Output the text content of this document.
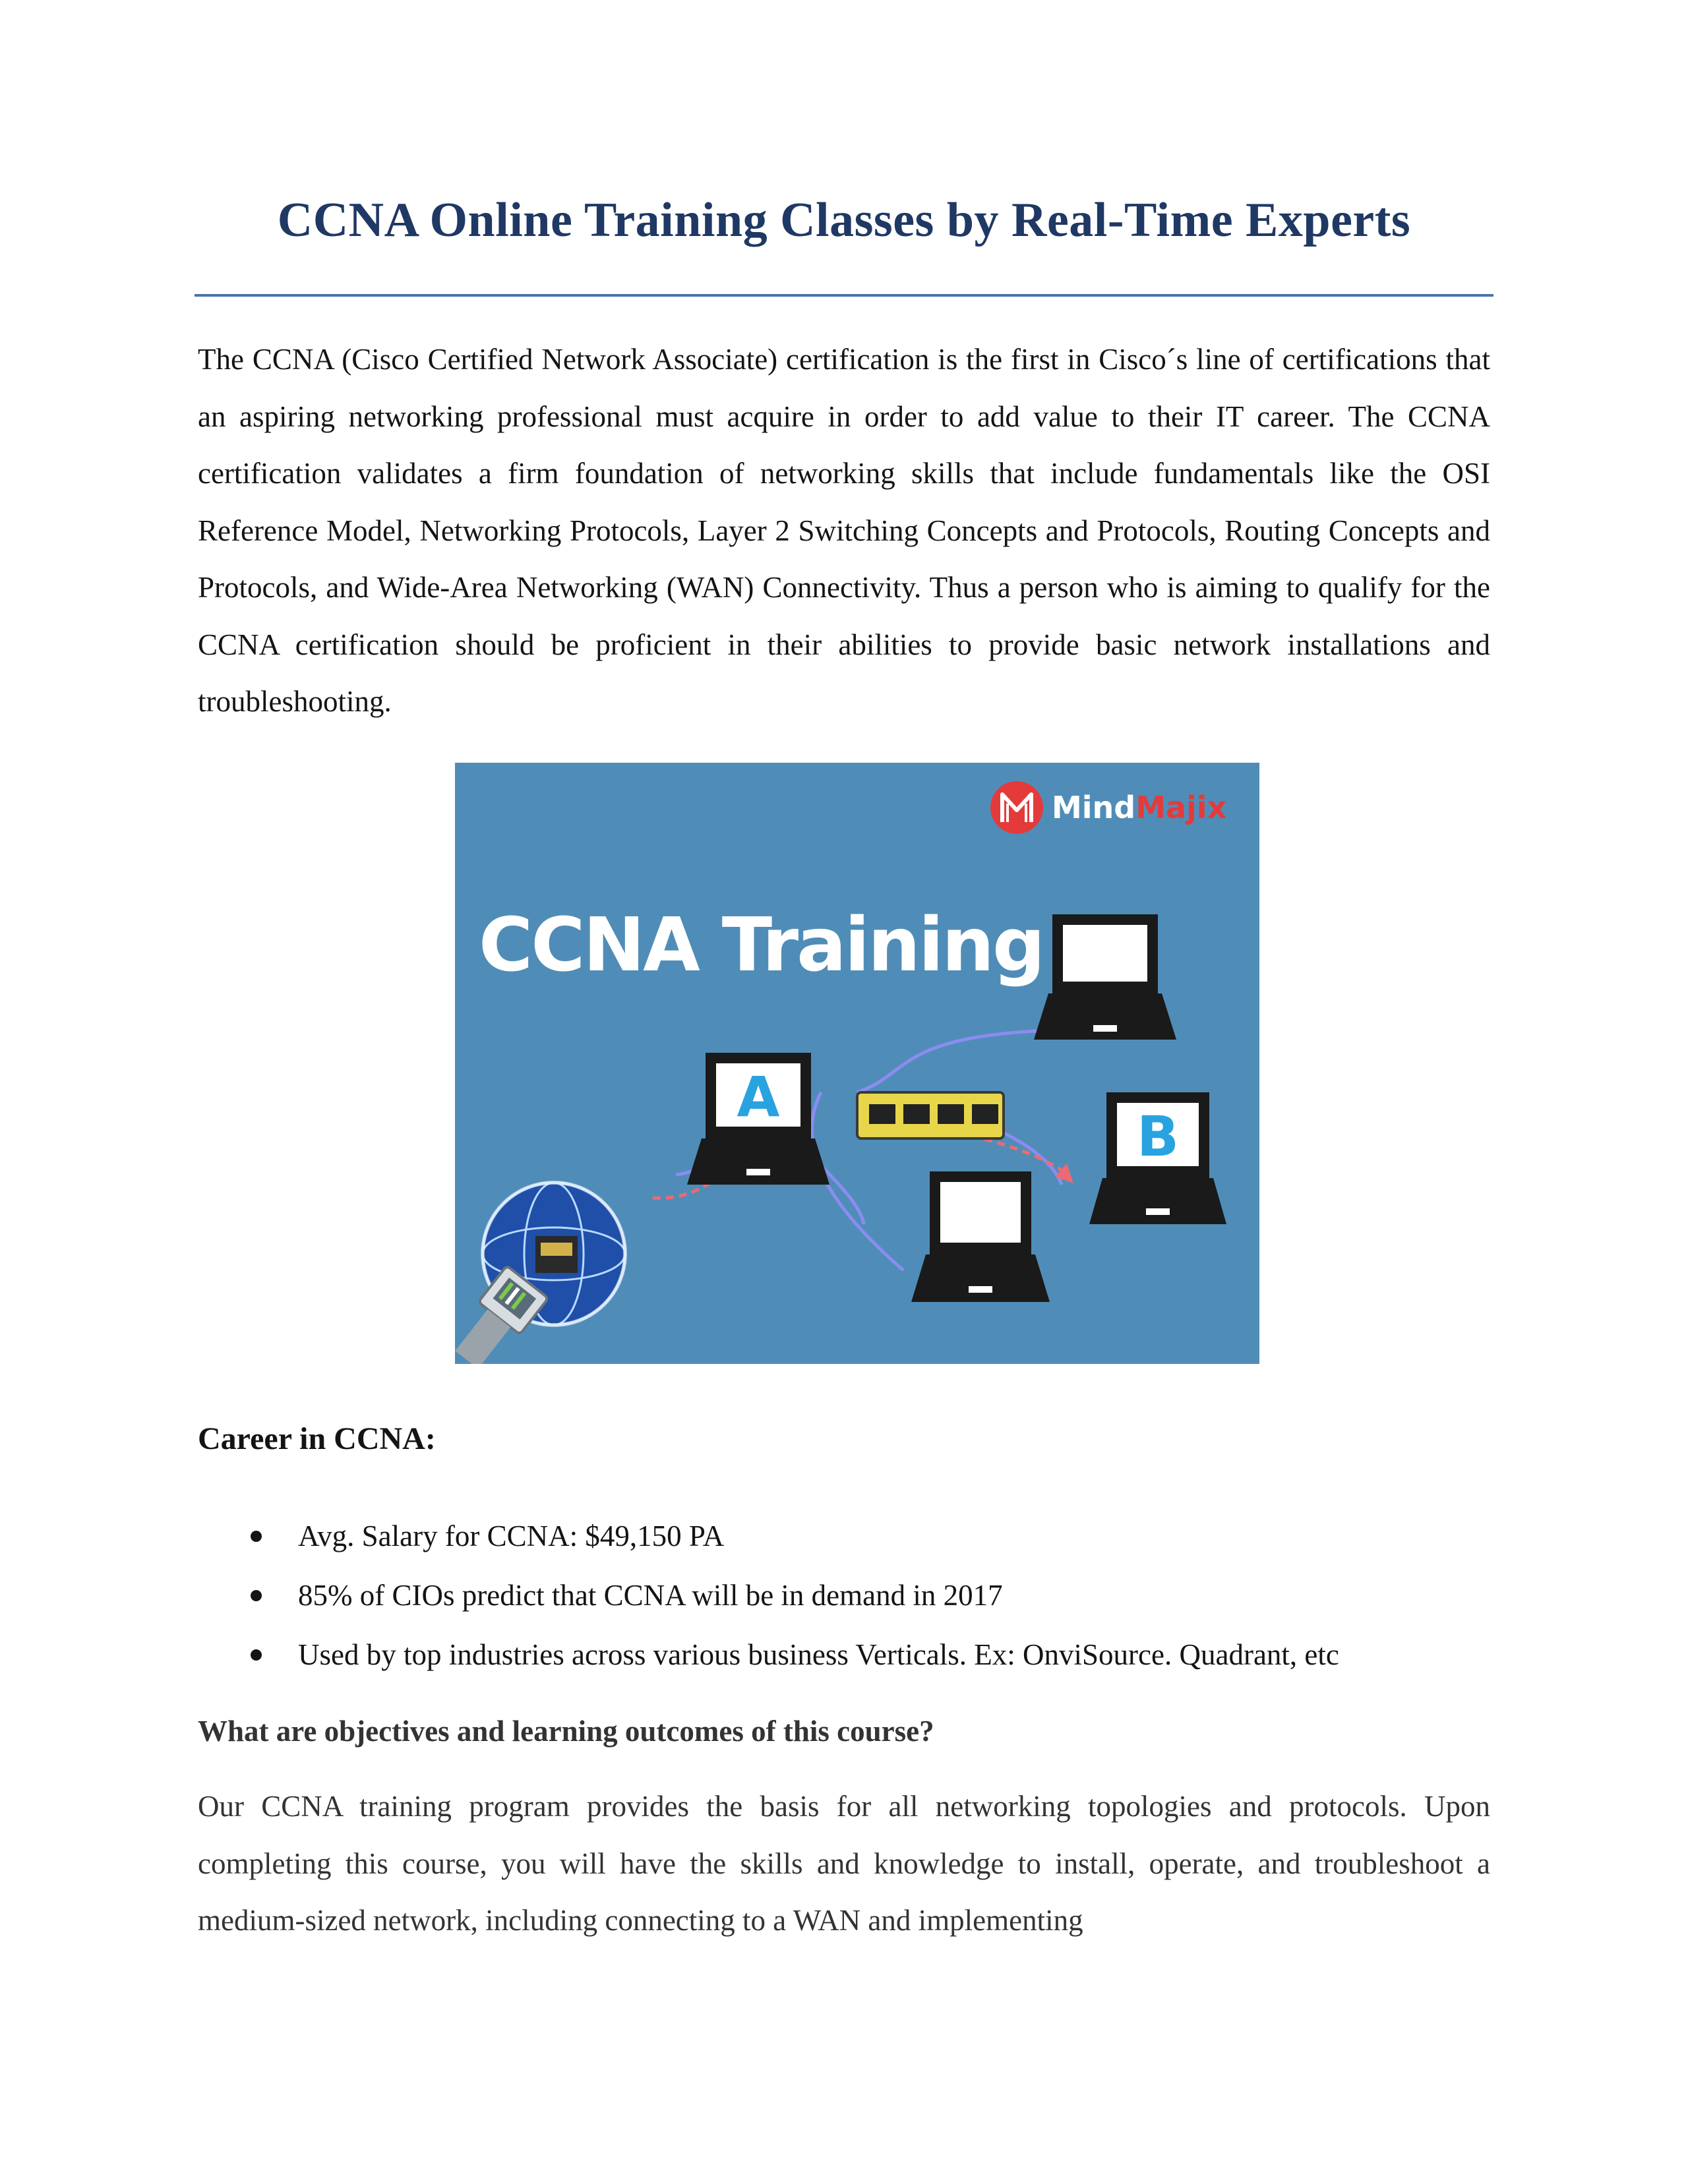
CCNA Online Training Classes by Real-Time Experts

The CCNA (Cisco Certified Network Associate) certification is the first in Cisco´s line of certifications that an aspiring networking professional must acquire in order to add value to their IT career. The CCNA certification validates a firm foundation of networking skills that include fundamentals like the OSI Reference Model, Networking Protocols, Layer 2 Switching Concepts and Protocols, Routing Concepts and Protocols, and Wide-Area Networking (WAN) Connectivity. Thus a person who is aiming to qualify for the CCNA certification should be proficient in their abilities to provide basic network installations and troubleshooting.

MindMajix
CCNA Training
A
B
Career in CCNA:
Avg. Salary for CCNA: $49,150 PA
85% of CIOs predict that CCNA will be in demand in 2017
Used by top industries across various business Verticals. Ex: OnviSource. Quadrant, etc
What are objectives and learning outcomes of this course?

Our CCNA training program provides the basis for all networking topologies and protocols. Upon completing this course, you will have the skills and knowledge to install, operate, and troubleshoot a medium-sized network, including connecting to a WAN and implementing
